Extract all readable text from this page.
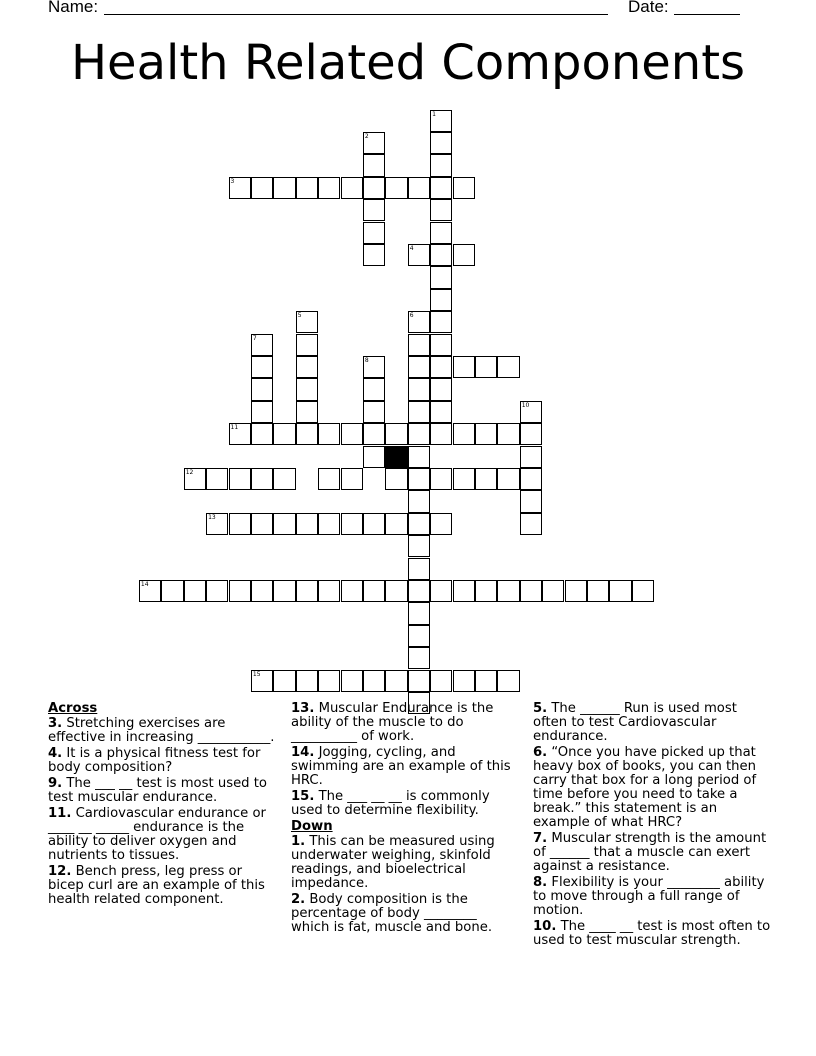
Name:	Date:
Health Related Components
1
2
3
4
5	6
7
8
10
11
12
13
14
15
Across
3. Stretching exercises are effective in increasing ___________.
4. It is a physical fitness test for body composition?
9. The ___ __ test is most used to test muscular endurance.
11. Cardiovascular endurance or ____ __ _____ endurance is the ability to deliver oxygen and nutrients to tissues.
12. Bench press, leg press or bicep curl are an example of this health related component.
13. Muscular Endurance is the ability of the muscle to do __________ of work.
14. Jogging, cycling, and swimming are an example of this HRC.
15. The ___ __ __ is commonly used to determine flexibility.
Down
1. This can be measured using underwater weighing, skinfold readings, and bioelectrical impedance.
2. Body composition is the percentage of body ________ which is fat, muscle and bone.
5. The ______ Run is used most often to test Cardiovascular endurance.
6. “Once you have picked up that heavy box of books, you can then carry that box for a long period of time before you need to take a break.” this statement is an example of what HRC?
7. Muscular strength is the amount of ______ that a muscle can exert against a resistance.
8. Flexibility is your ________ ability to move through a full range of motion.
10. The ____ __ test is most often to used to test muscular strength.
